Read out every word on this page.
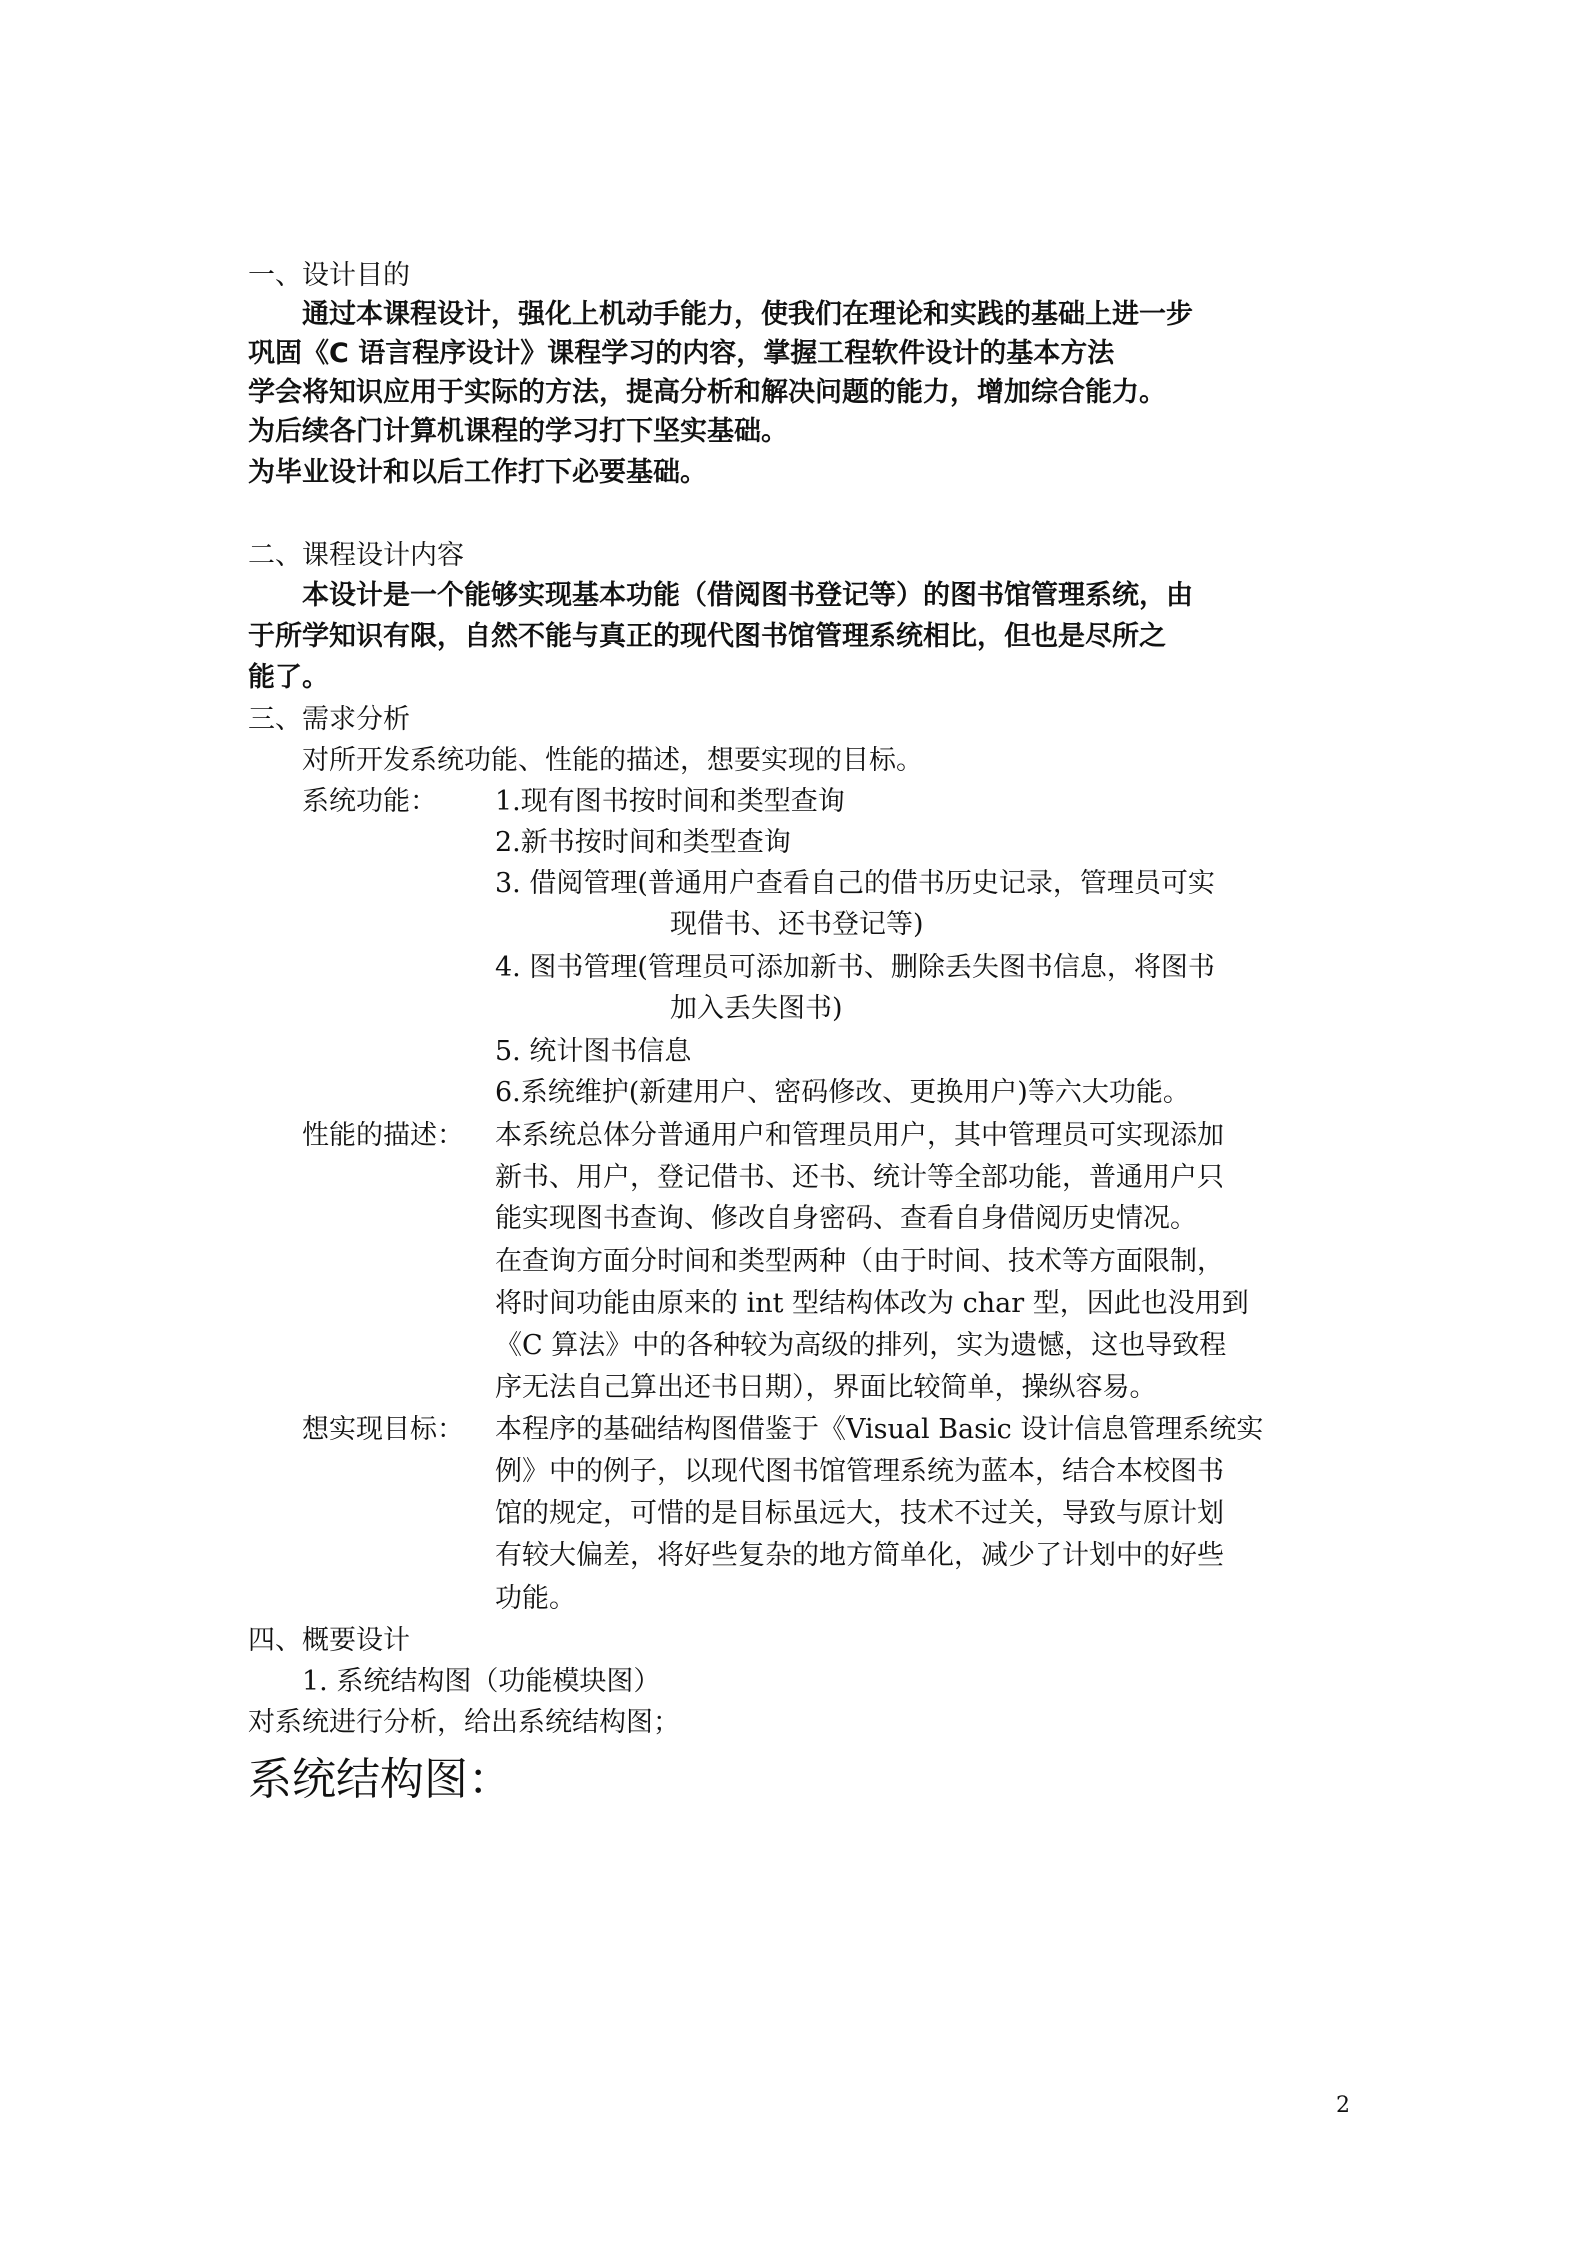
一、设计目的
通过本课程设计，强化上机动手能力，使我们在理论和实践的基础上进一步
巩固《C 语言程序设计》课程学习的内容，掌握工程软件设计的基本方法
学会将知识应用于实际的方法，提高分析和解决问题的能力，增加综合能力。
为后续各门计算机课程的学习打下坚实基础。
为毕业设计和以后工作打下必要基础。
二、课程设计内容
本设计是一个能够实现基本功能（借阅图书登记等）的图书馆管理系统，由
于所学知识有限，自然不能与真正的现代图书馆管理系统相比，但也是尽所之
能了。
三、需求分析
对所开发系统功能、性能的描述，想要实现的目标。
系统功能： 1.现有图书按时间和类型查询
2.新书按时间和类型查询
3. 借阅管理(普通用户查看自己的借书历史记录，管理员可实
现借书、还书登记等)
4. 图书管理(管理员可添加新书、删除丢失图书信息，将图书
加入丢失图书)
5. 统计图书信息
6.系统维护(新建用户、密码修改、更换用户)等六大功能。
性能的描述： 本系统总体分普通用户和管理员用户，其中管理员可实现添加
新书、用户，登记借书、还书、统计等全部功能，普通用户只
能实现图书查询、修改自身密码、查看自身借阅历史情况。
在查询方面分时间和类型两种（由于时间、技术等方面限制，
将时间功能由原来的 int 型结构体改为 char 型，因此也没用到
《C 算法》中的各种较为高级的排列，实为遗憾，这也导致程
序无法自己算出还书日期），界面比较简单，操纵容易。
想实现目标： 本程序的基础结构图借鉴于《Visual Basic 设计信息管理系统实
例》中的例子，以现代图书馆管理系统为蓝本，结合本校图书
馆的规定，可惜的是目标虽远大，技术不过关，导致与原计划
有较大偏差，将好些复杂的地方简单化，减少了计划中的好些
功能。
四、概要设计
1. 系统结构图（功能模块图）
对系统进行分析，给出系统结构图；
系统结构图：
2
